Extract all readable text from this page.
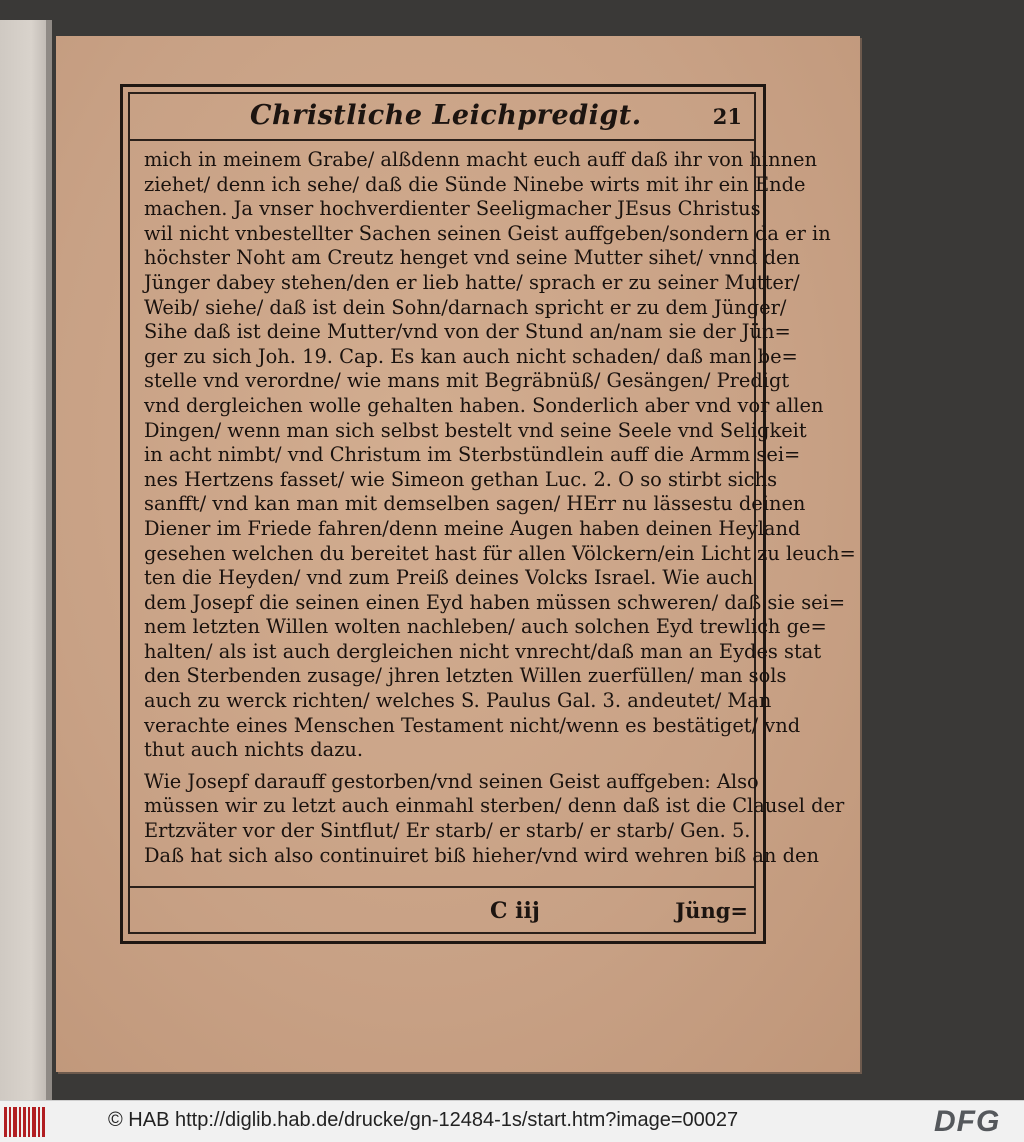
Christliche Leichpredigt.	21
mich in meinem Grabe/ alßdenn macht euch auff daß ihr von hinnen
ziehet/ denn ich sehe/ daß die Sünde Ninebe wirts mit ihr ein Ende
machen. Ja vnser hochverdienter Seeligmacher JEsus Christus
wil nicht vnbestellter Sachen seinen Geist auffgeben/sondern da er in
höchster Noht am Creutz henget vnd seine Mutter sihet/ vnnd den
Jünger dabey stehen/den er lieb hatte/ sprach er zu seiner Mutter/
Weib/ siehe/ daß ist dein Sohn/darnach spricht er zu dem Jünger/
Sihe daß ist deine Mutter/vnd von der Stund an/nam sie der Jün=
ger zu sich Joh. 19. Cap. Es kan auch nicht schaden/ daß man be=
stelle vnd verordne/ wie mans mit Begräbnüß/ Gesängen/ Predigt
vnd dergleichen wolle gehalten haben. Sonderlich aber vnd vor allen
Dingen/ wenn man sich selbst bestelt vnd seine Seele vnd Seligkeit
in acht nimbt/ vnd Christum im Sterbstündlein auff die Armm sei=
nes Hertzens fasset/ wie Simeon gethan Luc. 2. O so stirbt sichs
sanfft/ vnd kan man mit demselben sagen/ HErr nu lässestu deinen
Diener im Friede fahren/denn meine Augen haben deinen Heyland
gesehen welchen du bereitet hast für allen Völckern/ein Licht zu leuch=
ten die Heyden/ vnd zum Preiß deines Volcks Israel. Wie auch
dem Josepf die seinen einen Eyd haben müssen schweren/ daß sie sei=
nem letzten Willen wolten nachleben/ auch solchen Eyd trewlich ge=
halten/ als ist auch dergleichen nicht vnrecht/daß man an Eydes stat
den Sterbenden zusage/ jhren letzten Willen zuerfüllen/ man sols
auch zu werck richten/ welches S. Paulus Gal. 3. andeutet/ Man
verachte eines Menschen Testament nicht/wenn es bestätiget/ vnd
thut auch nichts dazu.
Wie Josepf darauff gestorben/vnd seinen Geist auffgeben: Also
müssen wir zu letzt auch einmahl sterben/ denn daß ist die Clausel der
Ertzväter vor der Sintflut/ Er starb/ er starb/ er starb/ Gen. 5.
Daß hat sich also continuiret biß hieher/vnd wird wehren biß an den
C iij	Jüng=
© HAB http://diglib.hab.de/drucke/gn-12484-1s/start.htm?image=00027	DFG
